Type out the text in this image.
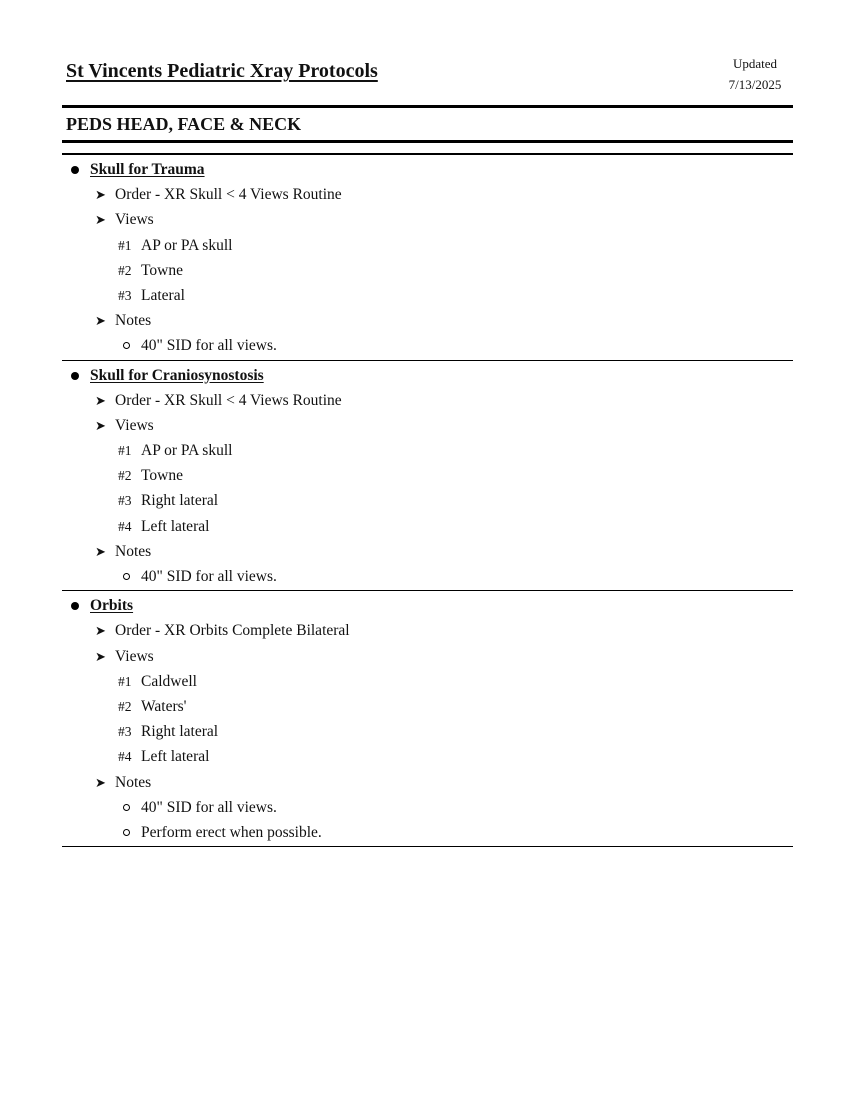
St Vincents Pediatric Xray Protocols	Updated
7/13/2025
PEDS HEAD, FACE & NECK
Skull for Trauma
➤ Order - XR Skull < 4 Views Routine
➤ Views
#1 AP or PA skull
#2 Towne
#3 Lateral
➤ Notes
40" SID for all views.
Skull for Craniosynostosis
➤ Order - XR Skull < 4 Views Routine
➤ Views
#1 AP or PA skull
#2 Towne
#3 Right lateral
#4 Left lateral
➤ Notes
40" SID for all views.
Orbits
➤ Order - XR Orbits Complete Bilateral
➤ Views
#1 Caldwell
#2 Waters'
#3 Right lateral
#4 Left lateral
➤ Notes
40" SID for all views.
Perform erect when possible.
